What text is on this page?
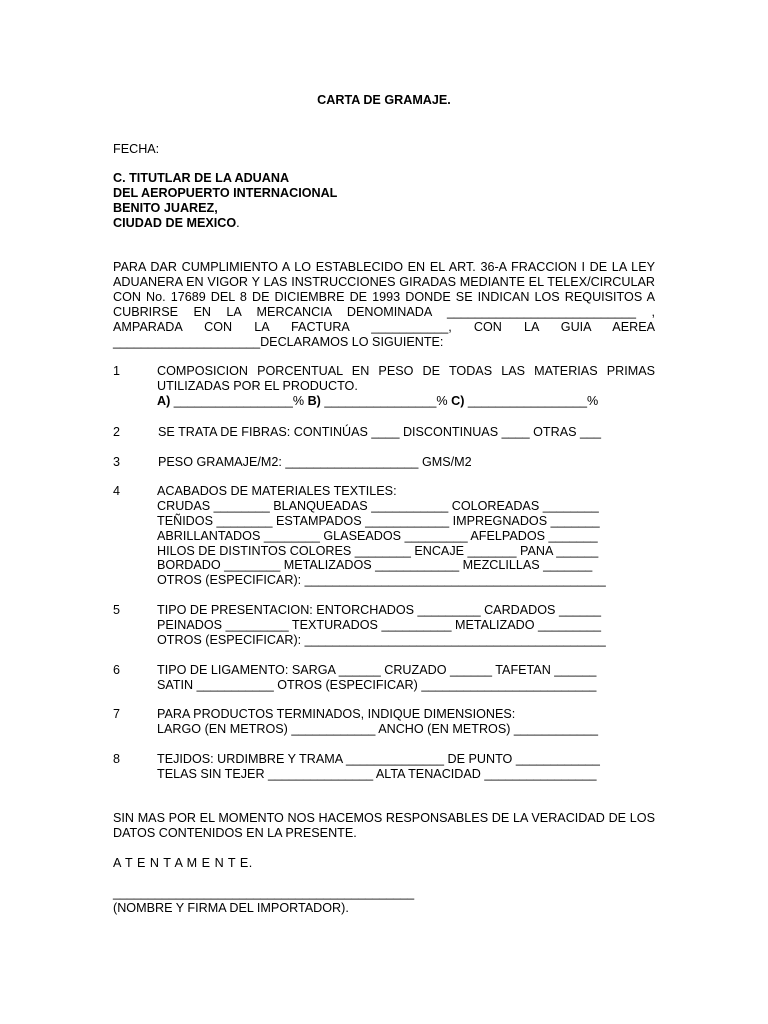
CARTA DE GRAMAJE.
FECHA:
C. TITUTLAR DE LA ADUANA
DEL AEROPUERTO INTERNACIONAL
BENITO JUAREZ,
CIUDAD DE MEXICO.
PARA DAR CUMPLIMIENTO A LO ESTABLECIDO EN EL ART. 36-A FRACCION I DE LA LEY
ADUANERA EN VIGOR Y LAS INSTRUCCIONES GIRADAS MEDIANTE EL TELEX/CIRCULAR
CON No. 17689 DEL 8 DE DICIEMBRE DE 1993 DONDE SE INDICAN LOS REQUISITOS A
CUBRIRSE EN LA MERCANCIA DENOMINADA ___________________________ ,
AMPARADA CON LA FACTURA ___________, CON LA GUIA AEREA
_____________________DECLARAMOS LO SIGUIENTE:
1	COMPOSICION PORCENTUAL EN PESO DE TODAS LAS MATERIAS PRIMAS
UTILIZADAS POR EL PRODUCTO.
A) _________________% B) ________________% C) _________________%
2	SE TRATA DE FIBRAS: CONTINÚAS ____ DISCONTINUAS ____ OTRAS ___
3	PESO GRAMAJE/M2: ___________________ GMS/M2
4	ACABADOS DE MATERIALES TEXTILES:
CRUDAS ________ BLANQUEADAS ___________ COLOREADAS ________
TEÑIDOS ________ ESTAMPADOS ____________ IMPREGNADOS _______
ABRILLANTADOS ________ GLASEADOS _________ AFELPADOS _______
HILOS DE DISTINTOS COLORES ________ ENCAJE _______ PANA ______
BORDADO ________ METALIZADOS ____________ MEZCLILLAS _______
OTROS (ESPECIFICAR): ___________________________________________
5	TIPO DE PRESENTACION: ENTORCHADOS _________ CARDADOS ______
PEINADOS _________ TEXTURADOS __________ METALIZADO _________
OTROS (ESPECIFICAR): ___________________________________________
6	TIPO DE LIGAMENTO: SARGA ______ CRUZADO ______ TAFETAN ______
SATIN ___________ OTROS (ESPECIFICAR) _________________________
7	PARA PRODUCTOS TERMINADOS, INDIQUE DIMENSIONES:
LARGO (EN METROS) ____________ ANCHO (EN METROS) ____________
8	TEJIDOS: URDIMBRE Y TRAMA ______________ DE PUNTO ____________
TELAS SIN TEJER _______________ ALTA TENACIDAD ________________
SIN MAS POR EL MOMENTO NOS HACEMOS RESPONSABLES DE LA VERACIDAD DE LOS
DATOS CONTENIDOS EN LA PRESENTE.
A T E N T A M E N T E.
___________________________________________
(NOMBRE Y FIRMA DEL IMPORTADOR).
